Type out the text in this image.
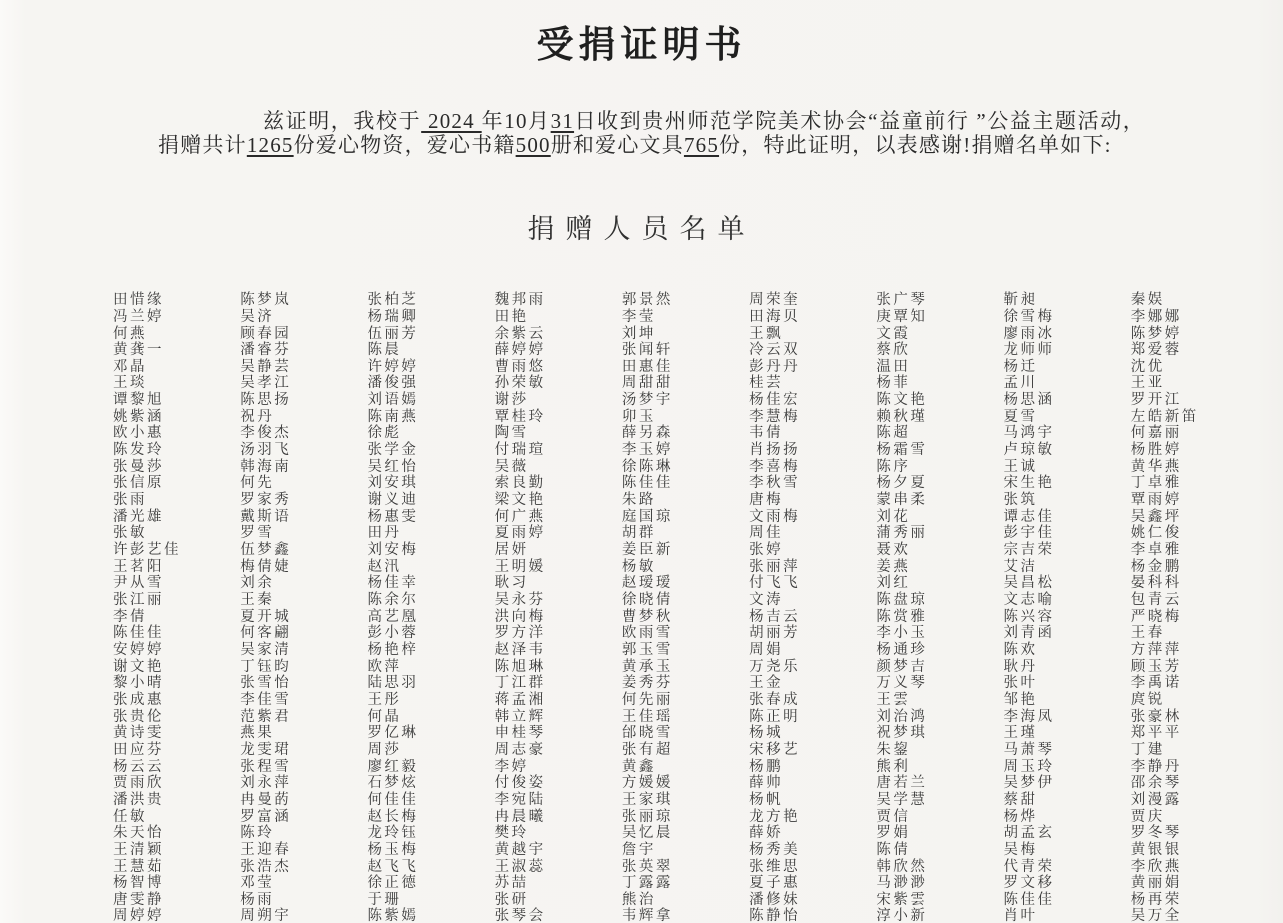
受捐证明书

兹证明，我校于 2024 年10月31日收到贵州师范学院美术协会“益童前行 ”公益主题活动，捐赠共计1265份爱心物资，爱心书籍500册和爱心文具765份，特此证明，以表感谢!捐赠名单如下:

捐赠人员名单
田惜缘	陈梦岚	张柏芝	魏邦雨	郭景然	周荣奎	张广琴	靳昶	秦娱
冯兰婷	吴济	杨瑞卿	田艳	李莹	田海贝	庚覃知	徐雪梅	李娜娜
何燕	顾春园	伍丽芳	余紫云	刘坤	王飘	文霞	廖雨冰	陈梦婷
黄龚一	潘睿芬	陈晨	薛婷婷	张闻轩	冷云双	蔡欣	龙师师	郑爱蓉
邓晶	吴静芸	许婷婷	曹雨悠	田惠佳	彭丹丹	温田	杨迁	沈优
王琰	吴孝江	潘俊强	孙荣敏	周甜甜	桂芸	杨菲	孟川	王亚
谭黎旭	陈思扬	刘语嫣	谢莎	汤梦宇	杨佳宏	陈文艳	杨思涵	罗开江
姚紫涵	祝丹	陈南燕	覃桂玲	卯玉	李慧梅	赖秋瑾	夏雪	左皓新笛
欧小惠	李俊杰	徐彪	陶雪	薛另森	韦倩	陈超	马鸿宇	何嘉丽
陈发玲	汤羽飞	张学金	付瑞瑄	李玉婷	肖扬扬	杨霜雪	卢琼敏	杨胜婷
张曼莎	韩海南	吴红怡	吴薇	徐陈琳	李喜梅	陈序	王诚	黄华燕
张信原	何先	刘安琪	索良勤	陈佳佳	李秋雪	杨夕夏	宋生艳	丁卓雅
张雨	罗家秀	谢义迪	梁文艳	朱路	唐梅	蒙串柔	张筑	覃雨婷
潘光雄	戴斯语	杨惠雯	何广燕	庭国琼	文雨梅	刘花	谭志佳	吴鑫坪
张敏	罗雪	田丹	夏雨婷	胡群	周佳	蒲秀丽	彭宇佳	姚仁俊
许彭艺佳	伍梦鑫	刘安梅	居妍	姜臣新	张婷	聂欢	宗吉荣	李卓雅
王茗阳	梅倩婕	赵汛	王明媛	杨敏	张丽萍	姜燕	艾洁	杨金鹏
尹从雪	刘余	杨佳幸	耿习	赵瑷瑷	付飞飞	刘红	吴昌松	晏科科
张江丽	王秦	陈余尔	吴永芬	徐晓倩	文涛	陈盘琼	文志喻	包青云
李倩	夏开城	高艺凰	洪向梅	曹梦秋	杨吉云	陈赏雅	陈兴容	严晓梅
陈佳佳	何客翩	彭小蓉	罗方洋	欧雨雪	胡丽芳	李小玉	刘青函	王春
安婷婷	吴家清	杨艳梓	赵泽韦	郭玉雪	周娟	杨通珍	陈欢	方萍萍
谢文艳	丁钰昀	欧萍	陈旭琳	黄承玉	万尧乐	颜梦吉	耿丹	顾玉芳
黎小晴	张雪怡	陆思羽	丁江群	姜秀芬	王金	万义琴	张叶	李禹诺
张成惠	李佳雪	王彤	蒋孟湘	何先丽	张春成	王雲	邹艳	庹锐
张贵伦	范紫君	何晶	韩立辉	王佳瑶	陈正明	刘治鸿	李海凤	张豪林
黄诗雯	燕果	罗亿琳	申桂琴	邰晓雪	杨城	祝梦琪	王瑾	郑平平
田应芬	龙雯珺	周莎	周志豪	张有超	宋移艺	朱鋆	马萧琴	丁建
杨云云	张程雪	廖红毅	李婷	黄鑫	杨鹏	熊利	周玉玲	李静丹
贾雨欣	刘永萍	石梦炫	付俊姿	方媛媛	薛帅	唐若兰	吴梦伊	邵余琴
潘洪贵	冉曼菂	何佳佳	李宛陆	王家琪	杨帆	吴学慧	蔡甜	刘漫露
任敏	罗富涵	赵长梅	冉晨曦	张丽琼	龙方艳	贾信	杨烨	贾庆
朱天怡	陈玲	龙玲钰	樊玲	吴忆晨	薛娇	罗娟	胡孟玄	罗冬琴
王清颖	王迎春	杨玉梅	黄越宇	詹宇	杨秀美	陈倩	吴梅	黄银银
王慧茹	张浩杰	赵飞飞	王淑蕊	张英翠	张维思	韩欣然	代青荣	李欣燕
杨智博	邓莹	徐正德	苏喆	丁露露	夏子惠	马渺渺	罗文移	黄丽娟
唐雯静	杨雨	于珊	张研	熊治	潘修妹	宋紫雲	陈佳佳	杨再荣
周婷婷	周朔宇	陈紫嫣	张琴会	韦辉拿	陈静怡	淳小新	肖叶	吴万全
